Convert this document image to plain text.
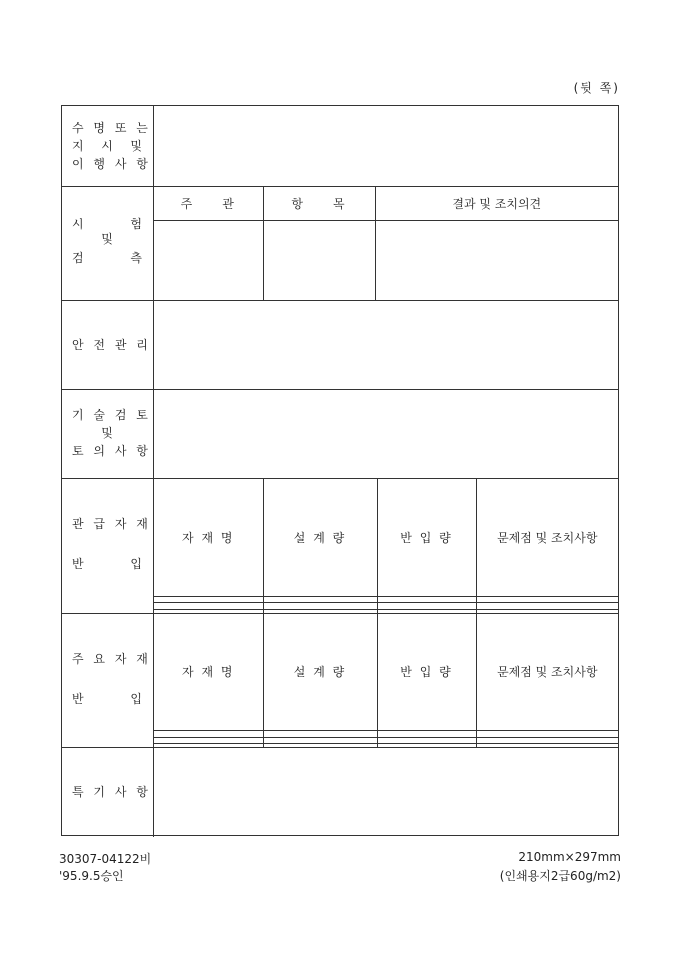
(뒷 쪽)
수 명 또 는
지 시 및
이 행 사 항
시	험
및
검	측
주　　관	항　　목	결과 및 조치의견

안 전 관 리
기 술 검 토
및
토 의 사 항
관 급 자 재
반	입
자 재 명	설 계 량	반 입 량	문제점 및 조치사항

주 요 자 재
반	입
자 재 명	설 계 량	반 입 량	문제점 및 조치사항

특 기 사 항
30307-04122비
'95.9.5승인
210mm×297mm
(인쇄용지2급60g/m2)
